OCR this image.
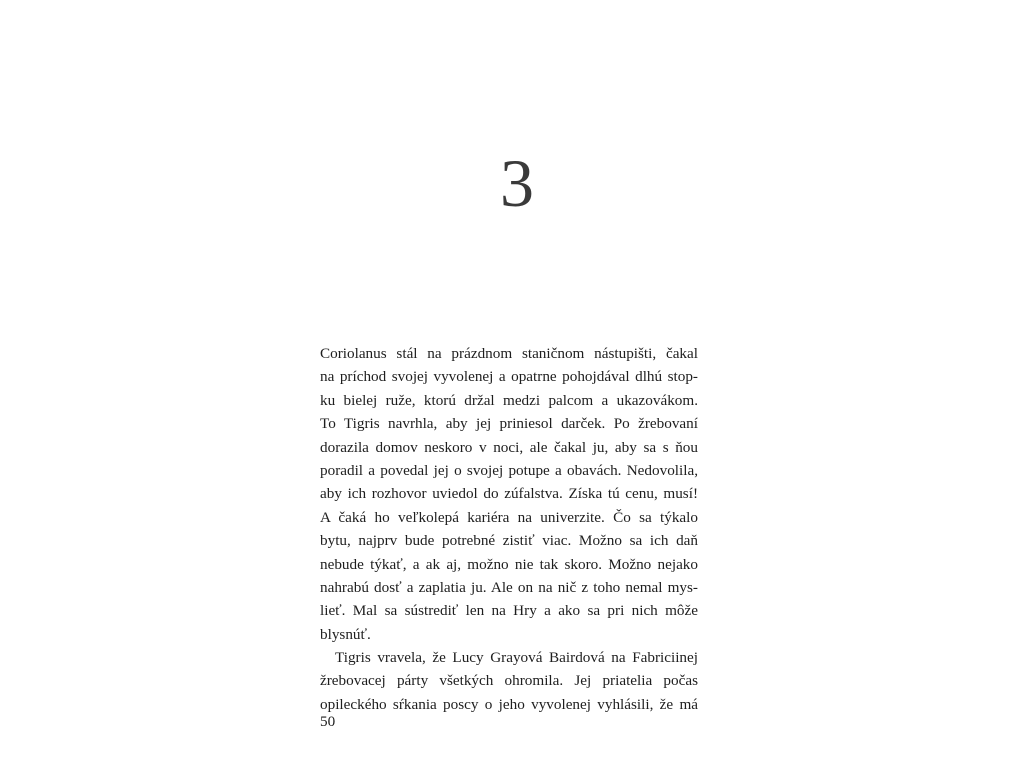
3
Coriolanus stál na prázdnom staničnom nástupišti, čakal
na príchod svojej vyvolenej a opatrne pohojdával dlhú stop-
ku bielej ruže, ktorú držal medzi palcom a ukazovákom.
To Tigris navrhla, aby jej priniesol darček. Po žrebovaní
dorazila domov neskoro v noci, ale čakal ju, aby sa s ňou
poradil a povedal jej o svojej potupe a obavách. Nedovolila,
aby ich rozhovor uviedol do zúfalstva. Získa tú cenu, musí!
A čaká ho veľkolepá kariéra na univerzite. Čo sa týkalo
bytu, najprv bude potrebné zistiť viac. Možno sa ich daň
nebude týkať, a ak aj, možno nie tak skoro. Možno nejako
nahrabú dosť a zaplatia ju. Ale on na nič z toho nemal mys-
lieť. Mal sa sústrediť len na Hry a ako sa pri nich môže
blysnúť.
Tigris vravela, že Lucy Grayová Bairdová na Fabriciinej
žrebovacej párty všetkých ohromila. Jej priatelia počas
opileckého sŕkania poscy o jeho vyvolenej vyhlásili, že má
50
